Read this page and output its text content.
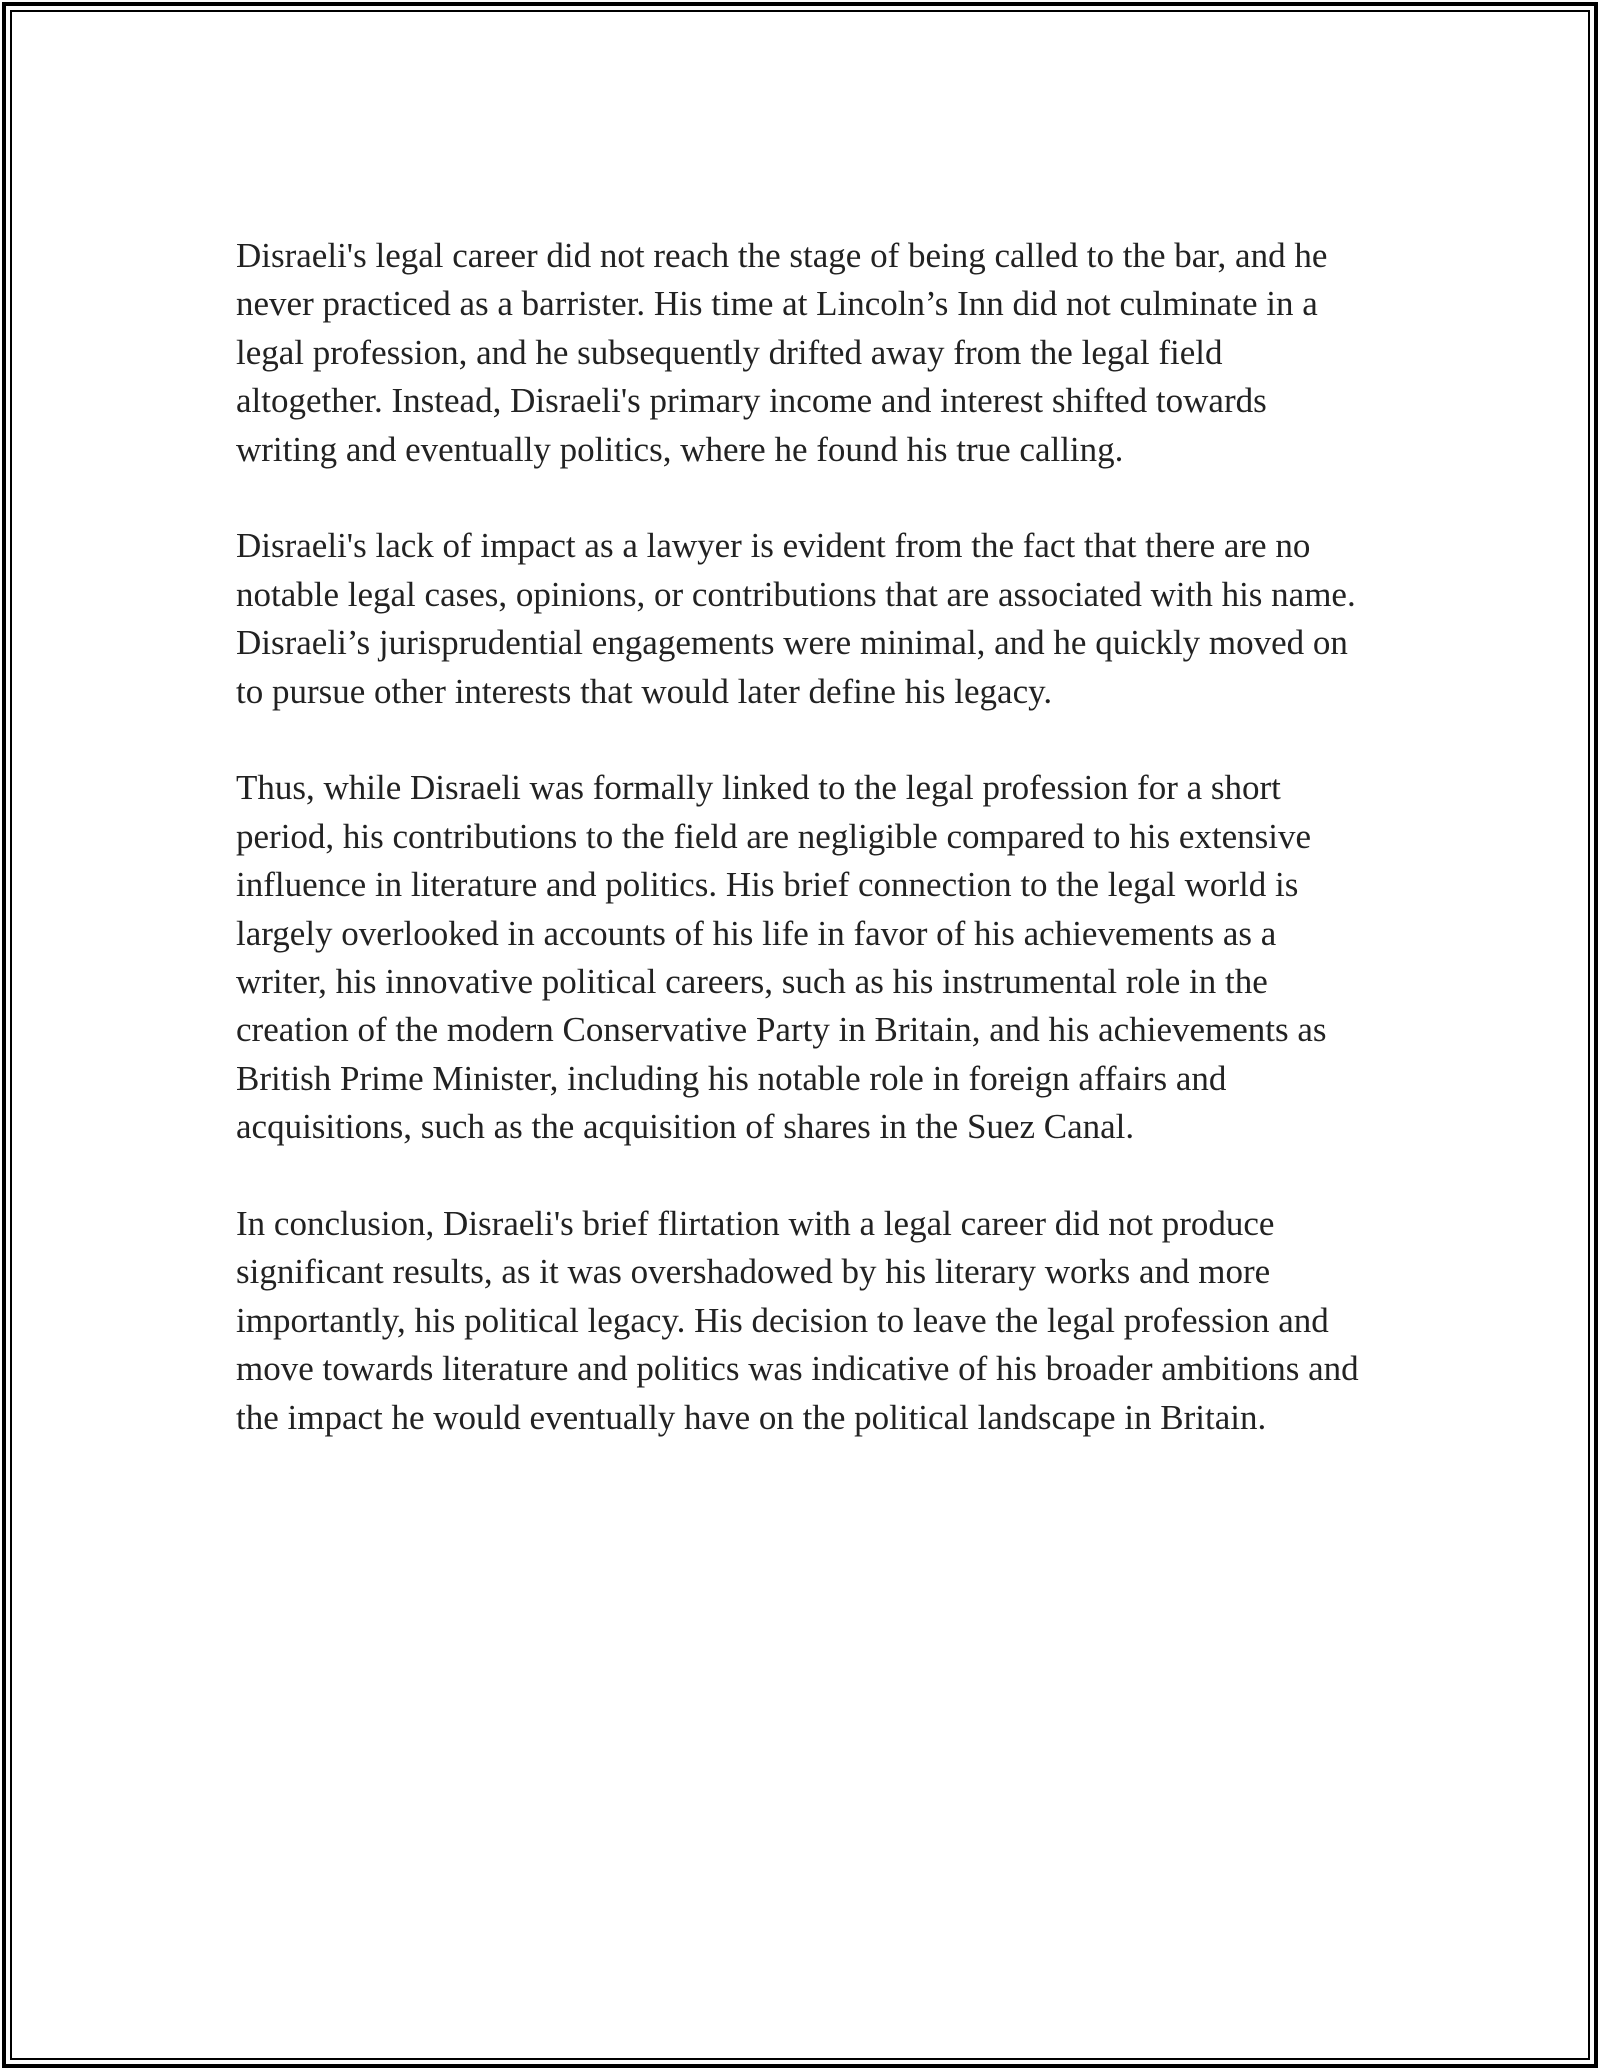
Disraeli's legal career did not reach the stage of being called to the bar, and he never practiced as a barrister. His time at Lincoln’s Inn did not culminate in a legal profession, and he subsequently drifted away from the legal field altogether. Instead, Disraeli's primary income and interest shifted towards writing and eventually politics, where he found his true calling.

Disraeli's lack of impact as a lawyer is evident from the fact that there are no notable legal cases, opinions, or contributions that are associated with his name. Disraeli’s jurisprudential engagements were minimal, and he quickly moved on to pursue other interests that would later define his legacy.

Thus, while Disraeli was formally linked to the legal profession for a short period, his contributions to the field are negligible compared to his extensive influence in literature and politics. His brief connection to the legal world is largely overlooked in accounts of his life in favor of his achievements as a writer, his innovative political careers, such as his instrumental role in the creation of the modern Conservative Party in Britain, and his achievements as British Prime Minister, including his notable role in foreign affairs and acquisitions, such as the acquisition of shares in the Suez Canal.

In conclusion, Disraeli's brief flirtation with a legal career did not produce significant results, as it was overshadowed by his literary works and more importantly, his political legacy. His decision to leave the legal profession and move towards literature and politics was indicative of his broader ambitions and the impact he would eventually have on the political landscape in Britain.
